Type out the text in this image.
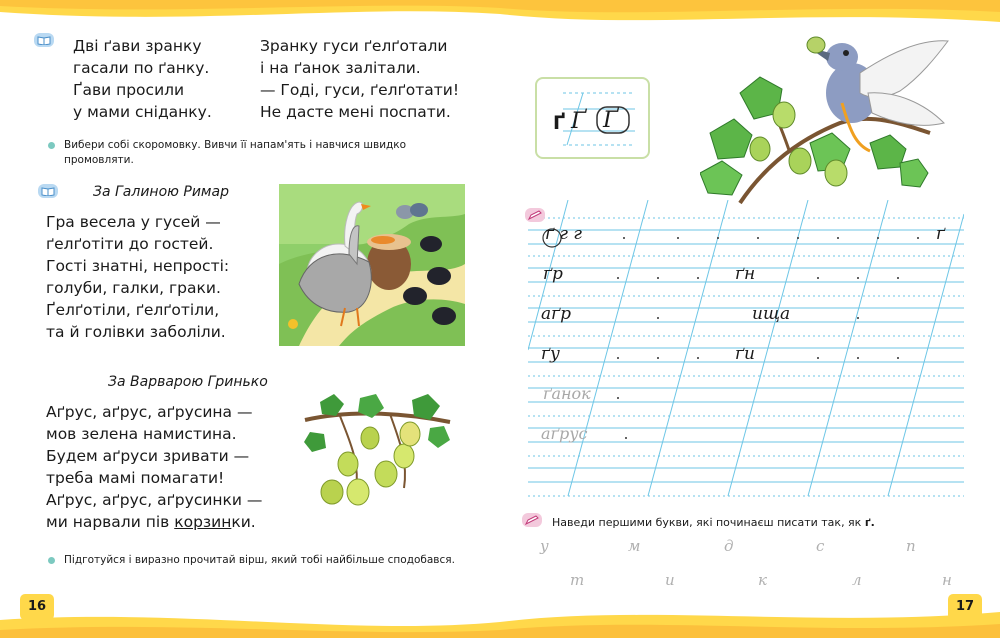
Дві ґави зранку
гасали по ґанку.
Ґави просили
у мами сніданку.
Зранку гуси ґелґотали
і на ґанок залітали.
— Годі, гуси, ґелґотати!
Не дасте мені поспати.
Вибери собі скоромовку. Вивчи її напам'ять і навчися швидко промовляти.
За Галиною Римар
Гра весела у гусей —
ґелґотіти до гостей.
Гості знатні, непрості:
голуби, галки, граки.
Ґелґотіли, ґелґотіли,
та й голівки заболіли.
За Варварою Гринько
Аґрус, аґрус, аґрусина —
мов зелена намистина.
Будем аґруси зривати —
треба мамі помагати!
Аґрус, аґрус, аґрусинки —
ми нарвали пів корзинки.
Підготуйся і виразно прочитай вірш, який тобі найбільше сподобався.
16
Ґ Ґ Ґ
ґ г г	ґ
ґр	ґн
аґр	ища
ґу	ґи
ґанок
аґрус
Наведи першими букви, які починаєш писати так, як ґ.
у	м	д	с	п
т	и	к	л	н
17
